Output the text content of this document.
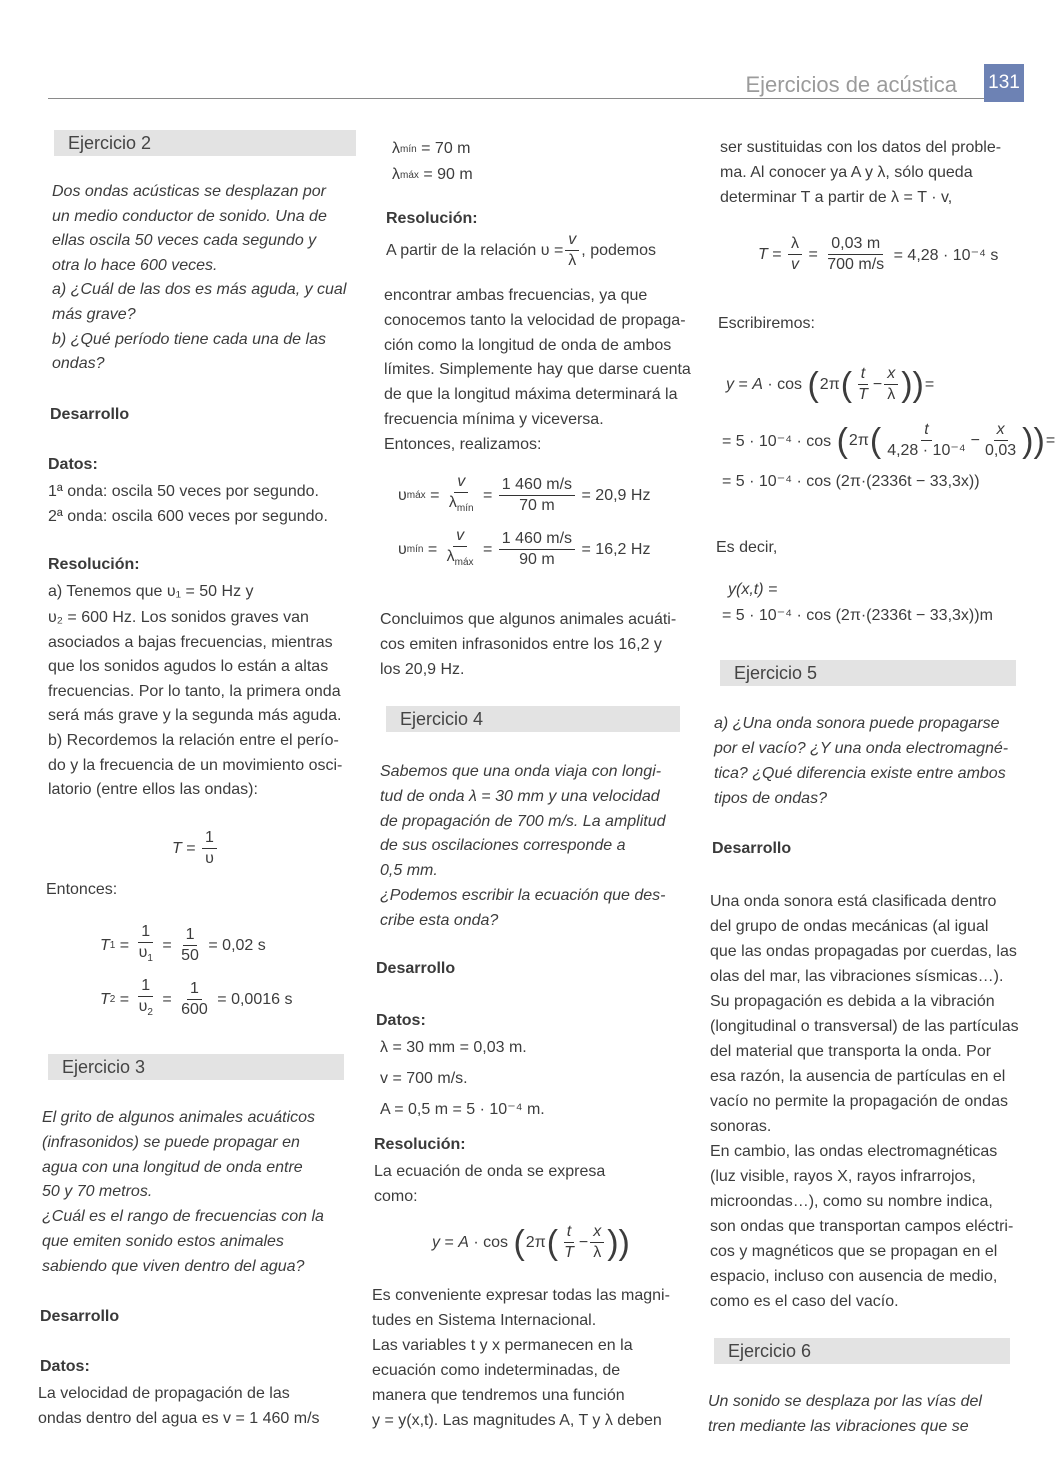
Ejercicios de acústica 131
Ejercicio 2
Dos ondas acústicas se desplazan por
un medio conductor de sonido. Una de
ellas oscila 50 veces cada segundo y
otra lo hace 600 veces.
a) ¿Cuál de las dos es más aguda, y cual
más grave?
b) ¿Qué período tiene cada una de las
ondas?
Desarrollo
Datos:
1ª onda: oscila 50 veces por segundo.
2ª onda: oscila 600 veces por segundo.
Resolución:
a) Tenemos que υ₁ = 50 Hz y
υ₂ = 600 Hz. Los sonidos graves van
asociados a bajas frecuencias, mientras
que los sonidos agudos lo están a altas
frecuencias. Por lo tanto, la primera onda
será más grave y la segunda más aguda.
b) Recordemos la relación entre el perío-
do y la frecuencia de un movimiento osci-
latorio (entre ellos las ondas):
$T = \frac{1}{\upsilon}$
Entonces:
T $1 = \frac{1}{\upsilon_1} = \frac{1}{50}$
= 0,02 s
T $2 = \frac{1}{\upsilon_2} = \frac{1}{600}$
= 0,0016 s
Ejercicio 3
El grito de algunos animales acuáticos
(infrasonidos) se puede propagar en
agua con una longitud de onda entre
50 y 70 metros.
¿Cuál es el rango de frecuencias con la
que emiten sonido estos animales
sabiendo que viven dentro del agua?
Desarrollo
Datos:
La velocidad de propagación de las
ondas dentro del agua es v = 1 460 m/s
λ mín
= 70 m
λ máx
= 90 m
Resolución:
A partir de la relación $\upsilon = \frac{v}{\lambda}$ , podemos
encontrar ambas frecuencias, ya que
conocemos tanto la velocidad de propaga-
ción como la longitud de onda de ambos
límites. Simplemente hay que darse cuenta
de que la longitud máxima determinará la
frecuencia mínima y viceversa.
Entonces, realizamos:
υ máx = $\frac{v}{\lambda_{mín}} = \frac{1 460 m/s}{70 m}$
= 20,9 Hz
υ mín = $\frac{v}{\lambda_{máx}} = \frac{1 460 m/s}{90 m}$
= 16,2 Hz
Concluimos que algunos animales acuáti-
cos emiten infrasonidos entre los 16,2 y
los 20,9 Hz.
Ejercicio 4
Sabemos que una onda viaja con longi-
tud de onda λ = 30 mm y una velocidad
de propagación de 700 m/s. La amplitud
de sus oscilaciones corresponde a
0,5 mm.
¿Podemos escribir la ecuación que des-
cribe esta onda?
Desarrollo
Datos:
λ = 30 mm = 0,03 m.
v = 700 m/s.
A = 0,5 m = 5 · 10⁻⁴ m.
Resolución:
La ecuación de onda se expresa
como:
y = A · cos ( 2π ( $\frac{t}{T} - \frac{x}{\lambda}$ ))
Es conveniente expresar todas las magni-
tudes en Sistema Internacional.
Las variables t y x permanecen en la
ecuación como indeterminadas, de
manera que tendremos una función
y = y(x,t). Las magnitudes A, T y λ deben
ser sustituidas con los datos del proble-
ma. Al conocer ya A y λ, sólo queda
determinar T a partir de λ = T · v,
$T = \frac{\lambda}{v} = \frac{0,03 m}{700 m/s}$
= 4,28 · 10⁻⁴ s
Escribiremos:
y = A · cos ( 2π ( $\frac{t}{T} - \frac{x}{\lambda}$ )) =
= 5 · 10⁻⁴ · cos
( 2π ( $\frac{t}{\text{4,28 · 10⁻⁴}} - \frac{x}{0,03}$ )) =
= 5 · 10⁻⁴ · cos (2π·(2336t − 33,3x))
Es decir,
y(x,t) =
= 5 · 10⁻⁴ · cos (2π·(2336t − 33,3x))m
Ejercicio 5
a) ¿Una onda sonora puede propagarse
por el vacío? ¿Y una onda electromagné-
tica? ¿Qué diferencia existe entre ambos
tipos de ondas?
Desarrollo
Una onda sonora está clasificada dentro
del grupo de ondas mecánicas (al igual
que las ondas propagadas por cuerdas, las
olas del mar, las vibraciones sísmicas…).
Su propagación es debida a la vibración
(longitudinal o transversal) de las partículas
del material que transporta la onda. Por
esa razón, la ausencia de partículas en el
vacío no permite la propagación de ondas
sonoras.
En cambio, las ondas electromagnéticas
(luz visible, rayos X, rayos infrarrojos,
microondas…), como su nombre indica,
son ondas que transportan campos eléctri-
cos y magnéticos que se propagan en el
espacio, incluso con ausencia de medio,
como es el caso del vacío.
Ejercicio 6
Un sonido se desplaza por las vías del
tren mediante las vibraciones que se
